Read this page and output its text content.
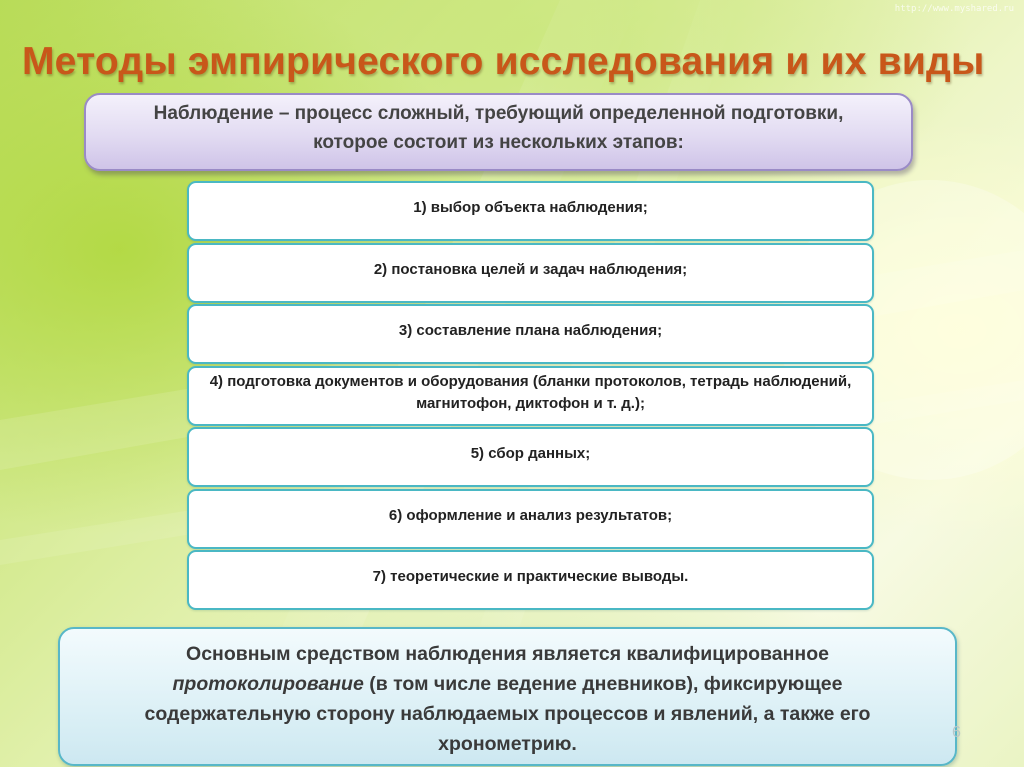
http://www.myshared.ru
Методы эмпирического исследования и их виды
Наблюдение – процесс сложный, требующий определенной подготовки, которое состоит из нескольких этапов:
1) выбор объекта наблюдения;
2) постановка целей и задач наблюдения;
3) составление плана наблюдения;
4) подготовка документов и оборудования (бланки протоколов, тетрадь наблюдений, магнитофон, диктофон и т. д.);
5) сбор данных;
6) оформление и анализ результатов;
7) теоретические и практические выводы.
Основным средством наблюдения является квалифицированное протоколирование (в том числе ведение дневников), фиксирующее содержательную сторону наблюдаемых процессов и явлений, а также его хронометрию.	6
